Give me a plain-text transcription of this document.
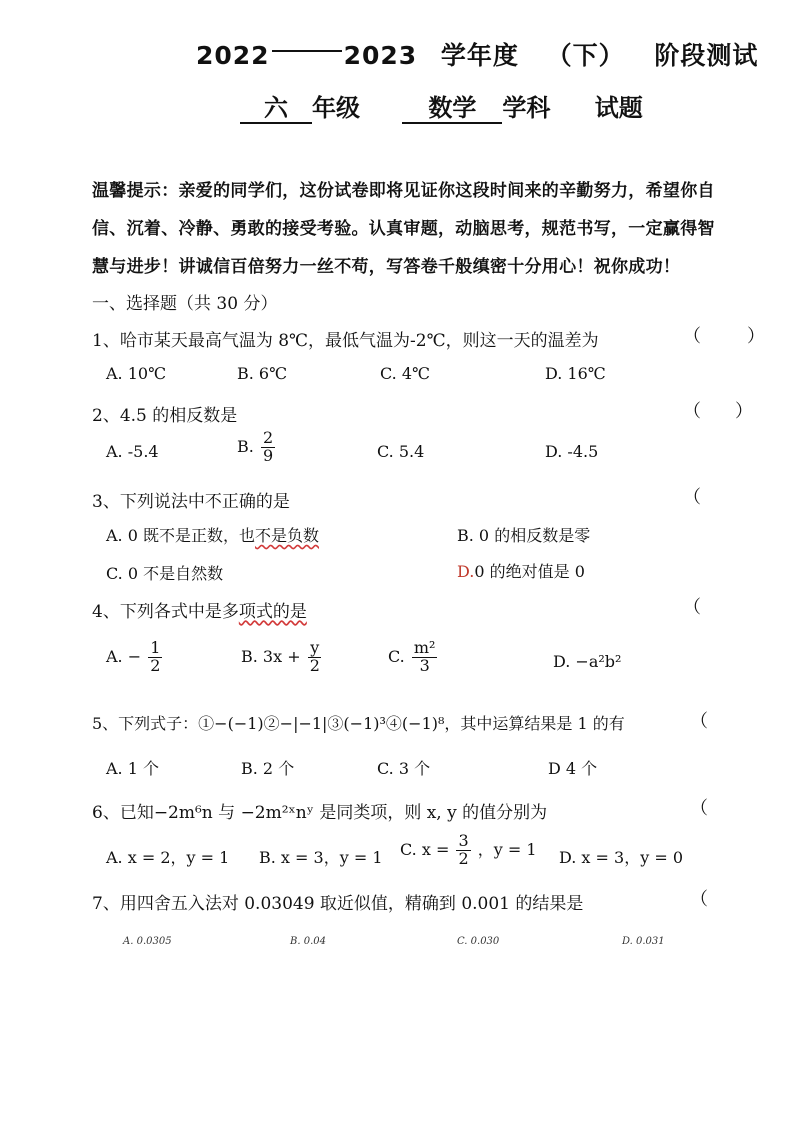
2022	2023 学年度 （下） 阶段测试
六 年级	数学 学科 试题
温馨提示：亲爱的同学们，这份试卷即将见证你这段时间来的辛勤努力，希望你自
信、沉着、冷静、勇敢的接受考验。认真审题，动脑思考，规范书写，一定赢得智
慧与进步！讲诚信百倍努力一丝不苟，写答卷千般缜密十分用心！祝你成功！
一、选择题（共 30 分）
1、哈市某天最高气温为 8℃，最低气温为-2℃，则这一天的温差为	（	）
A. 10℃	B. 6℃	C. 4℃	D. 16℃
2、4.5 的相反数是	（ ）
A. -5.4	B. $\frac{2}{9}$	C. 5.4	D. -4.5
3、下列说法中不正确的是	（
A. 0 既不是正数，也不是负数	B. 0 的相反数是零
C. 0 不是自然数	D.0 的绝对值是 0
4、下列各式中是多项式的是	（
A. − $\frac{1}{2}$	B. $3x + \frac{y}{2}$	C. $\frac{\text{m²}}{3}$	D. −a²b²
5、下列式子：①−(−1)②−|−1|③(−1)³④(−1)⁸，其中运算结果是 1 的有	（
A. 1 个	B. 2 个	C. 3 个	D 4 个
6、已知−2m⁶n 与 −2m²ˣnʸ 是同类项，则 x, y 的值分别为	（
A. x = 2，y = 1 B. x = 3，y = 1 C. $x = \frac{3}{2}$ ，y = 1 D. x = 3，y = 0
7、用四舍五入法对 0.03049 取近似值，精确到 0.001 的结果是	（
A. 0.0305	B. 0.04	C. 0.030	D. 0.031
